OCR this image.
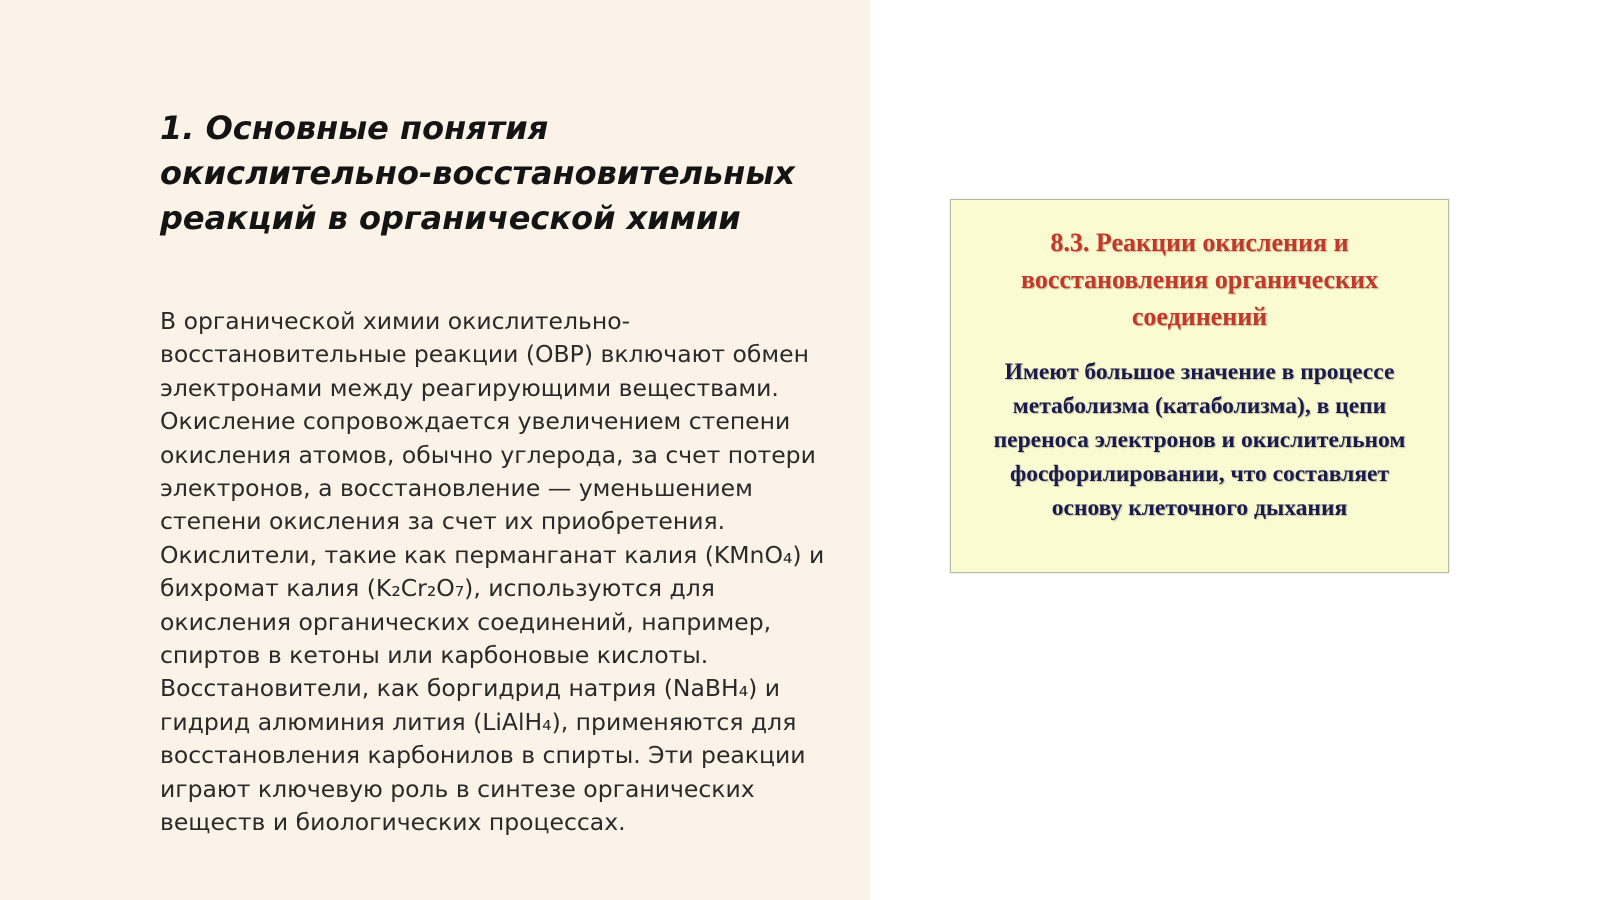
1. Основные понятия окислительно-восстановительных реакций в органической химии

В органической химии окислительно-восстановительные реакции (ОВР) включают обмен электронами между реагирующими веществами. Окисление сопровождается увеличением степени окисления атомов, обычно углерода, за счет потери электронов, а восстановление — уменьшением степени окисления за счет их приобретения. Окислители, такие как перманганат калия (KMnO₄) и бихромат калия (K₂Cr₂O₇), используются для окисления органических соединений, например, спиртов в кетоны или карбоновые кислоты. Восстановители, как боргидрид натрия (NaBH₄) и гидрид алюминия лития (LiAlH₄), применяются для восстановления карбонилов в спирты. Эти реакции играют ключевую роль в синтезе органических веществ и биологических процессах.

8.3. Реакции окисления и восстановления органических соединений
Имеют большое значение в процессе метаболизма (катаболизма), в цепи переноса электронов и окислительном фосфорилировании, что составляет основу клеточного дыхания
